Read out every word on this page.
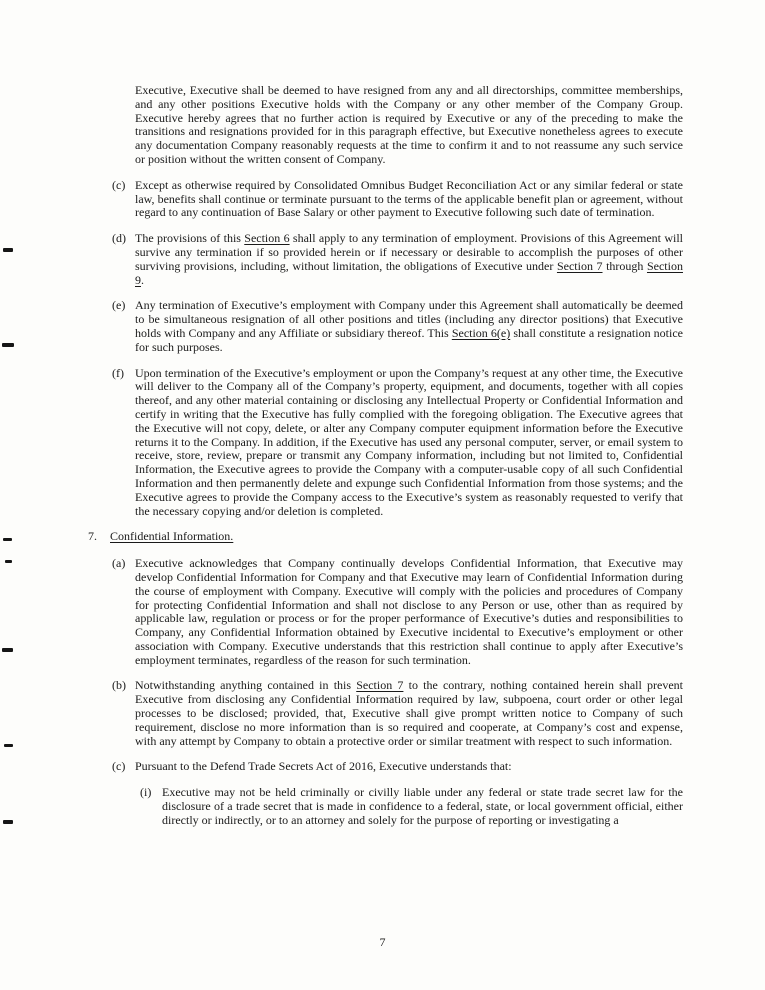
Executive, Executive shall be deemed to have resigned from any and all directorships, committee memberships, and any other positions Executive holds with the Company or any other member of the Company Group. Executive hereby agrees that no further action is required by Executive or any of the preceding to make the transitions and resignations provided for in this paragraph effective, but Executive nonetheless agrees to execute any documentation Company reasonably requests at the time to confirm it and to not reassume any such service or position without the written consent of Company.

(c) Except as otherwise required by Consolidated Omnibus Budget Reconciliation Act or any similar federal or state law, benefits shall continue or terminate pursuant to the terms of the applicable benefit plan or agreement, without regard to any continuation of Base Salary or other payment to Executive following such date of termination.

(d) The provisions of this Section 6 shall apply to any termination of employment. Provisions of this Agreement will survive any termination if so provided herein or if necessary or desirable to accomplish the purposes of other surviving provisions, including, without limitation, the obligations of Executive under Section 7 through Section 9.

(e) Any termination of Executive’s employment with Company under this Agreement shall automatically be deemed to be simultaneous resignation of all other positions and titles (including any director positions) that Executive holds with Company and any Affiliate or subsidiary thereof. This Section 6(e) shall constitute a resignation notice for such purposes.

(f) Upon termination of the Executive’s employment or upon the Company’s request at any other time, the Executive will deliver to the Company all of the Company’s property, equipment, and documents, together with all copies thereof, and any other material containing or disclosing any Intellectual Property or Confidential Information and certify in writing that the Executive has fully complied with the foregoing obligation. The Executive agrees that the Executive will not copy, delete, or alter any Company computer equipment information before the Executive returns it to the Company. In addition, if the Executive has used any personal computer, server, or email system to receive, store, review, prepare or transmit any Company information, including but not limited to, Confidential Information, the Executive agrees to provide the Company with a computer-usable copy of all such Confidential Information and then permanently delete and expunge such Confidential Information from those systems; and the Executive agrees to provide the Company access to the Executive’s system as reasonably requested to verify that the necessary copying and/or deletion is completed.

7.	Confidential Information.
(a) Executive acknowledges that Company continually develops Confidential Information, that Executive may develop Confidential Information for Company and that Executive may learn of Confidential Information during the course of employment with Company. Executive will comply with the policies and procedures of Company for protecting Confidential Information and shall not disclose to any Person or use, other than as required by applicable law, regulation or process or for the proper performance of Executive’s duties and responsibilities to Company, any Confidential Information obtained by Executive incidental to Executive’s employment or other association with Company. Executive understands that this restriction shall continue to apply after Executive’s employment terminates, regardless of the reason for such termination.

(b) Notwithstanding anything contained in this Section 7 to the contrary, nothing contained herein shall prevent Executive from disclosing any Confidential Information required by law, subpoena, court order or other legal processes to be disclosed; provided, that, Executive shall give prompt written notice to Company of such requirement, disclose no more information than is so required and cooperate, at Company’s cost and expense, with any attempt by Company to obtain a protective order or similar treatment with respect to such information.

(c) Pursuant to the Defend Trade Secrets Act of 2016, Executive understands that:

(i) Executive may not be held criminally or civilly liable under any federal or state trade secret law for the disclosure of a trade secret that is made in confidence to a federal, state, or local government official, either directly or indirectly, or to an attorney and solely for the purpose of reporting or investigating a

7
